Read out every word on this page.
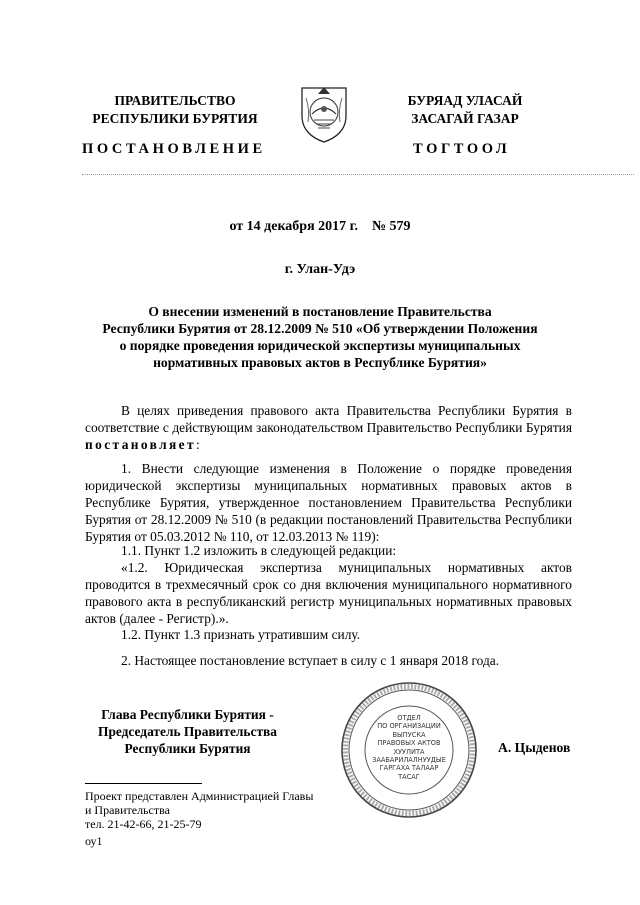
ПРАВИТЕЛЬСТВО
РЕСПУБЛИКИ БУРЯТИЯ
БУРЯАД УЛАСАЙ
ЗАСАГАЙ ГАЗАР
ПОСТАНОВЛЕНИЕ	ТОГТООЛ
от 14 декабря 2017 г.    № 579
г. Улан-Удэ
О внесении изменений в постановление Правительства
Республики Бурятия от 28.12.2009 № 510 «Об утверждении Положения
о порядке проведения юридической экспертизы муниципальных
нормативных правовых актов в Республике Бурятия»
В целях приведения правового акта Правительства Республики Бурятия в соответствие с действующим законодательством Правительство Республики Бурятия постановляет:
1. Внести следующие изменения в Положение о порядке проведения юридической экспертизы муниципальных нормативных правовых актов в Республике Бурятия, утвержденное постановлением Правительства Республики Бурятия от 28.12.2009 № 510 (в редакции постановлений Правительства Республики Бурятия от 05.03.2012 № 110, от 12.03.2013 № 119):
1.1. Пункт 1.2 изложить в следующей редакции:
«1.2. Юридическая экспертиза муниципальных нормативных актов проводится в трехмесячный срок со дня включения муниципального нормативного правового акта в республиканский регистр муниципальных нормативных правовых актов (далее - Регистр).».
1.2. Пункт 1.3 признать утратившим силу.
2. Настоящее постановление вступает в силу с 1 января 2018 года.
Глава Республики Бурятия -
Председатель Правительства
Республики Бурятия
ОТДЕЛ
ПО ОРГАНИЗАЦИИ
ВЫПУСКА
ПРАВОВЫХ АКТОВ
ХУУЛИТА
ЗААБАРИЛАЛНУУДЫЕ
ГАРГАХА ТАЛААР
ТАСАГ
А. Цыденов
Проект представлен Администрацией Главы
и Правительства
тел. 21-42-66, 21-25-79
оу1
